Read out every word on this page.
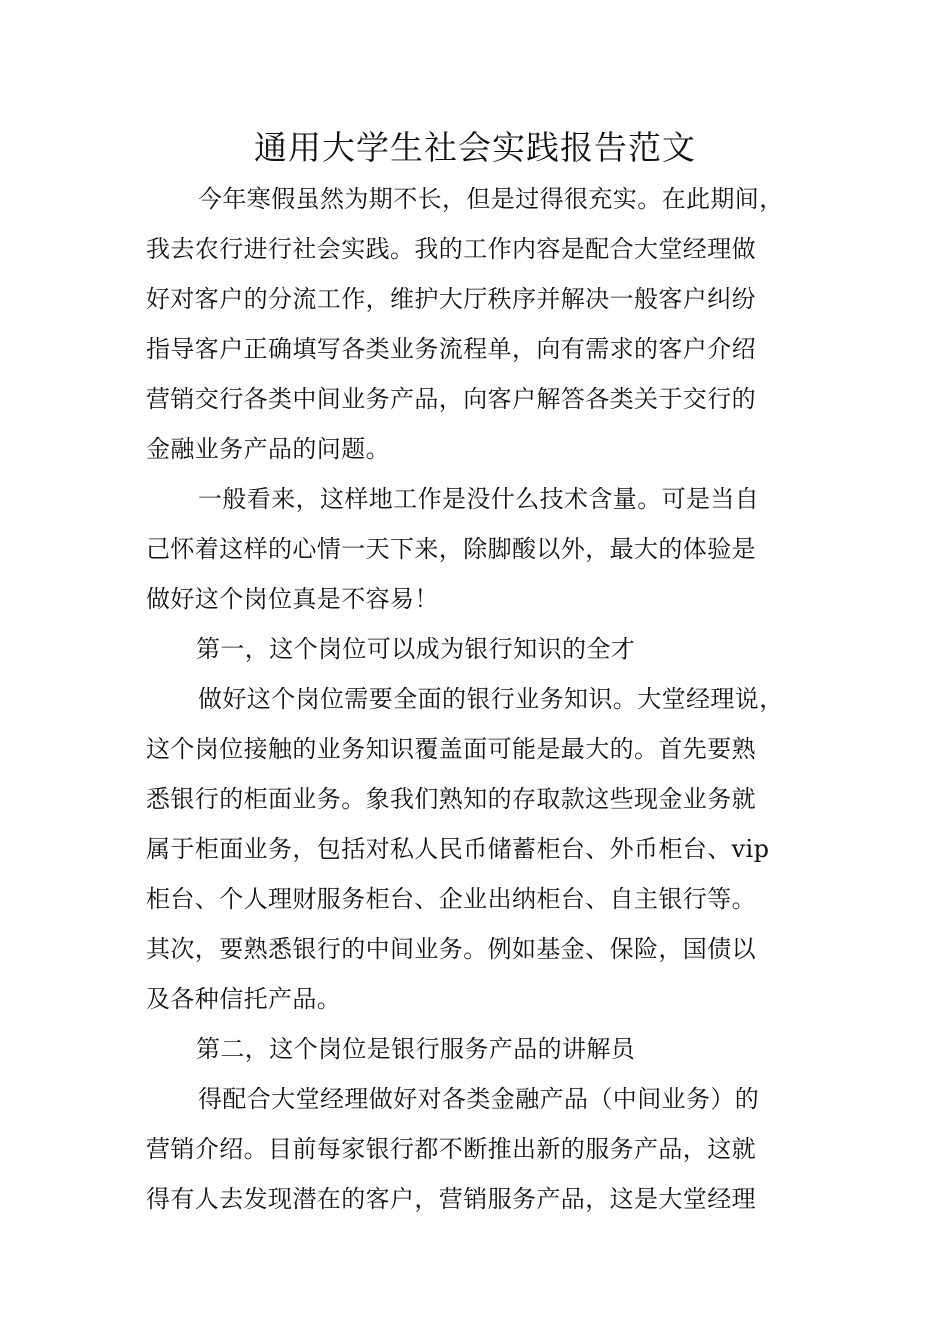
通用大学生社会实践报告范文
今年寒假虽然为期不长，但是过得很充实。在此期间，
我去农行进行社会实践。我的工作内容是配合大堂经理做
好对客户的分流工作，维护大厅秩序并解决一般客户纠纷
指导客户正确填写各类业务流程单，向有需求的客户介绍
营销交行各类中间业务产品，向客户解答各类关于交行的
金融业务产品的问题。
一般看来，这样地工作是没什么技术含量。可是当自
己怀着这样的心情一天下来，除脚酸以外，最大的体验是
做好这个岗位真是不容易！
第一，这个岗位可以成为银行知识的全才
做好这个岗位需要全面的银行业务知识。大堂经理说，
这个岗位接触的业务知识覆盖面可能是最大的。首先要熟
悉银行的柜面业务。象我们熟知的存取款这些现金业务就
属于柜面业务，包括对私人民币储蓄柜台、外币柜台、vip
柜台、个人理财服务柜台、企业出纳柜台、自主银行等。
其次，要熟悉银行的中间业务。例如基金、保险，国债以
及各种信托产品。
第二，这个岗位是银行服务产品的讲解员
得配合大堂经理做好对各类金融产品（中间业务）的
营销介绍。目前每家银行都不断推出新的服务产品，这就
得有人去发现潜在的客户，营销服务产品，这是大堂经理
